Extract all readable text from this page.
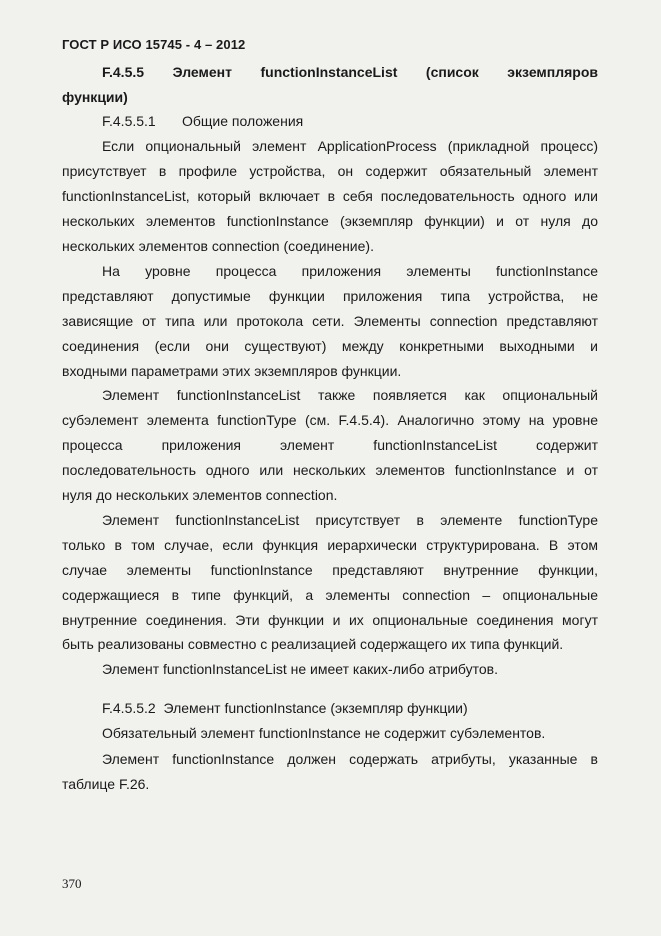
ГОСТ Р ИСО 15745 - 4 – 2012
F.4.5.5 Элемент functionInstanceList (список экземпляров
функции)
F.4.5.5.1 Общие положения
Если опциональный элемент ApplicationProcess (прикладной процесс)
присутствует в профиле устройства, он содержит обязательный элемент
functionInstanceList, который включает в себя последовательность одного или
нескольких элементов functionInstance (экземпляр функции) и от нуля до
нескольких элементов connection (соединение).
На уровне процесса приложения элементы functionInstance
представляют допустимые функции приложения типа устройства, не
зависящие от типа или протокола сети. Элементы connection представляют
соединения (если они существуют) между конкретными выходными и
входными параметрами этих экземпляров функции.
Элемент functionInstanceList также появляется как опциональный
субэлемент элемента functionType (см. F.4.5.4). Аналогично этому на уровне
процесса приложения элемент functionInstanceList содержит
последовательность одного или нескольких элементов functionInstance и от
нуля до нескольких элементов connection.
Элемент functionInstanceList присутствует в элементе functionType
только в том случае, если функция иерархически структурирована. В этом
случае элементы functionInstance представляют внутренние функции,
содержащиеся в типе функций, а элементы connection – опциональные
внутренние соединения. Эти функции и их опциональные соединения могут
быть реализованы совместно с реализацией содержащего их типа функций.
Элемент functionInstanceList не имеет каких-либо атрибутов.
F.4.5.5.2 Элемент functionInstance (экземпляр функции)
Обязательный элемент functionInstance не содержит субэлементов.
Элемент functionInstance должен содержать атрибуты, указанные в
таблице F.26.
370
